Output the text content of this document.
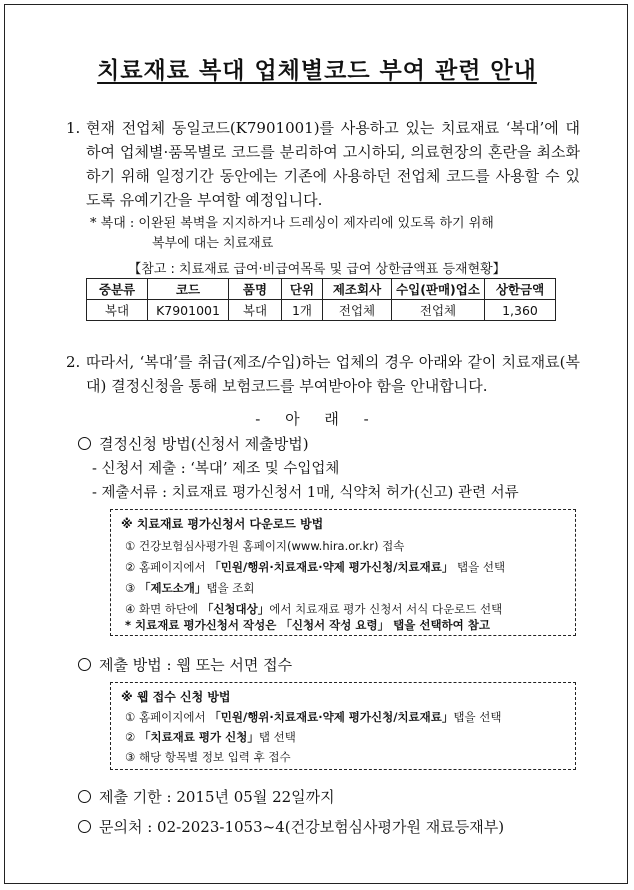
치료재료 복대 업체별코드 부여 관련 안내
1. 현재 전업체 동일코드(K7901001)를 사용하고 있는 치료재료 ‘복대’에 대하여 업체별·품목별로 코드를 분리하여 고시하되, 의료현장의 혼란을 최소화하기 위해 일정기간 동안에는 기존에 사용하던 전업체 코드를 사용할 수 있도록 유예기간을 부여할 예정입니다.
* 복대 : 이완된 복벽을 지지하거나 드레싱이 제자리에 있도록 하기 위해
복부에 대는 치료재료
【참고 : 치료재료 급여·비급여목록 및 급여 상한금액표 등재현황】
중분류	코드	품명	단위	제조회사	수입(판매)업소	상한금액
복대	K7901001	복대	1개	전업체	전업체	1,360
2. 따라서, ‘복대’를 취급(제조/수입)하는 업체의 경우 아래와 같이 치료재료(복대) 결정신청을 통해 보험코드를 부여받아야 함을 안내합니다.
- 아 래 -
결정신청 방법(신청서 제출방법)
- 신청서 제출 : ‘복대’ 제조 및 수입업체
- 제출서류 : 치료재료 평가신청서 1매, 식약처 허가(신고) 관련 서류
※ 치료재료 평가신청서 다운로드 방법
① 건강보험심사평가원 홈페이지(www.hira.or.kr) 접속
② 홈페이지에서 「민원/행위·치료재료·약제 평가신청/치료재료」 탭을 선택
③ 「제도소개」탭을 조회
④ 화면 하단에 「신청대상」에서 치료재료 평가 신청서 서식 다운로드 선택
* 치료재료 평가신청서 작성은 「신청서 작성 요령」 탭을 선택하여 참고
제출 방법 : 웹 또는 서면 접수
※ 웹 접수 신청 방법
① 홈페이지에서 「민원/행위·치료재료·약제 평가신청/치료재료」탭을 선택
② 「치료재료 평가 신청」탭 선택
③ 해당 항목별 정보 입력 후 접수
제출 기한 : 2015년 05월 22일까지
문의처 : 02-2023-1053~4(건강보험심사평가원 재료등재부)
